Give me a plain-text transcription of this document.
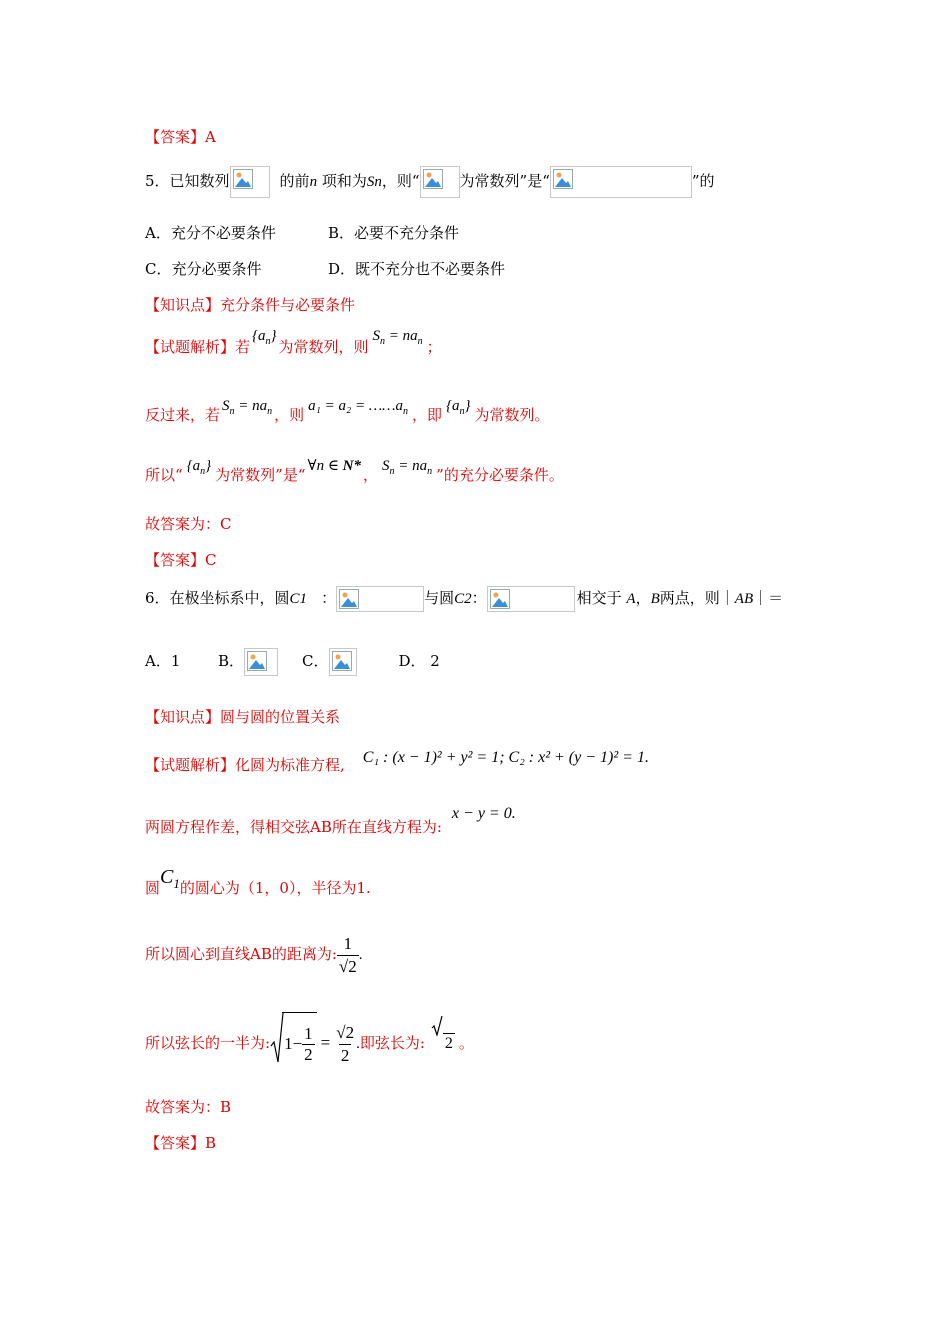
【答案】A
5．已知数列	的前n 项和为Sn，则“	为常数列”是“	”的
A．充分不必要条件	B．必要不充分条件
C．充分必要条件	D．既不充分也不必要条件
【知识点】充分条件与必要条件
【试题解析】若$\{a_n\}$为常数列，则$S_n = na_n$ ；
反过来，若 $S_n = na_n$ ，则 $a_1 = a_2 = \dots\dots a_n$ ，即 $\{a_n\}$ 为常数列。
所以“ $\{a_n\}$ 为常数列”是“ ∀n ∈ N* ， $S_n = na_n$ ”的充分必要条件。
故答案为：C
【答案】C
6．在极坐标系中，圆C1 ：	与圆C2：	相交于 A，B两点，则｜AB｜＝
A．1	B．	C．	D． 2
【知识点】圆与圆的位置关系
【试题解析】化圆为标准方程, C₁ : (x − 1)² + y² = 1; C₂ : x² + (y − 1)² = 1.
两圆方程作差，得相交弦AB所在直线方程为:x − y = 0.
圆$C_1$的圆心为（1，0），半径为1.
所以圆心到直线AB的距离为: $\frac{1}{√2}$ .
所以弦长的一半为: $1- \frac{1}{2} = \frac{√2}{2}$ .即弦长为: 2 。
故答案为：B
【答案】B
